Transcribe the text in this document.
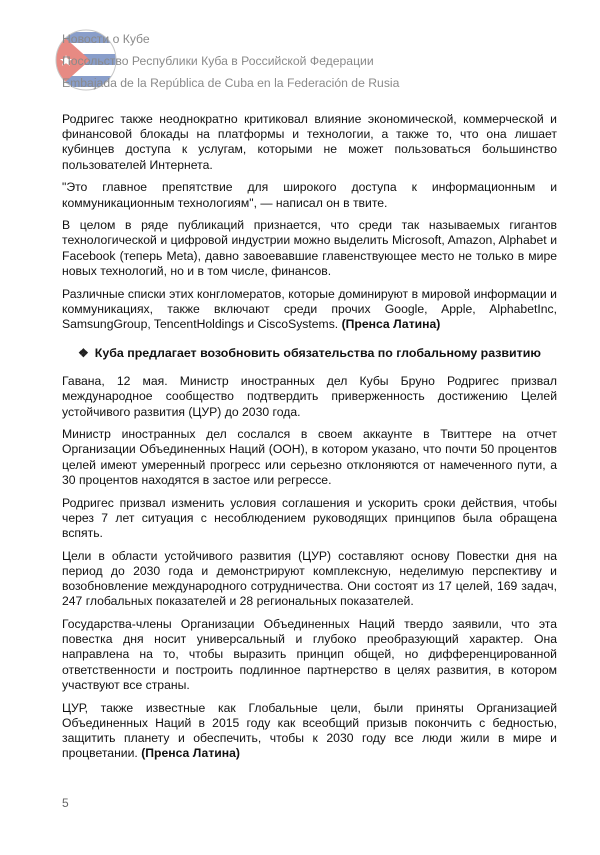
Новости о Кубе
Посольство Республики Куба в Российской Федерации
Embajada de la República de Cuba en la Federación de Rusia

Родригес также неоднократно критиковал влияние экономической, коммерческой и финансовой блокады на платформы и технологии, а также то, что она лишает кубинцев доступа к услугам, которыми не может пользоваться большинство пользователей Интернета.

"Это главное препятствие для широкого доступа к информационным и коммуникационным технологиям", — написал он в твите.

В целом в ряде публикаций признается, что среди так называемых гигантов технологической и цифровой индустрии можно выделить Microsoft, Amazon, Alphabet и Facebook (теперь Meta), давно завоевавшие главенствующее место не только в мире новых технологий, но и в том числе, финансов.

Различные списки этих конгломератов, которые доминируют в мировой информации и коммуникациях, также включают среди прочих Google, Apple, AlphabetInc, SamsungGroup, TencentHoldings и CiscoSystems. (Пренса Латина)

❖ Куба предлагает возобновить обязательства по глобальному развитию

Гавана, 12 мая. Министр иностранных дел Кубы Бруно Родригес призвал международное сообщество подтвердить приверженность достижению Целей устойчивого развития (ЦУР) до 2030 года.

Министр иностранных дел сослался в своем аккаунте в Твиттере на отчет Организации Объединенных Наций (ООН), в котором указано, что почти 50 процентов целей имеют умеренный прогресс или серьезно отклоняются от намеченного пути, а 30 процентов находятся в застое или регрессе.

Родригес призвал изменить условия соглашения и ускорить сроки действия, чтобы через 7 лет ситуация с несоблюдением руководящих принципов была обращена вспять.

Цели в области устойчивого развития (ЦУР) составляют основу Повестки дня на период до 2030 года и демонстрируют комплексную, неделимую перспективу и возобновление международного сотрудничества. Они состоят из 17 целей, 169 задач, 247 глобальных показателей и 28 региональных показателей.

Государства-члены Организации Объединенных Наций твердо заявили, что эта повестка дня носит универсальный и глубоко преобразующий характер. Она направлена на то, чтобы выразить принцип общей, но дифференцированной ответственности и построить подлинное партнерство в целях развития, в котором участвуют все страны.

ЦУР, также известные как Глобальные цели, были приняты Организацией Объединенных Наций в 2015 году как всеобщий призыв покончить с бедностью, защитить планету и обеспечить, чтобы к 2030 году все люди жили в мире и процветании. (Пренса Латина)

5
